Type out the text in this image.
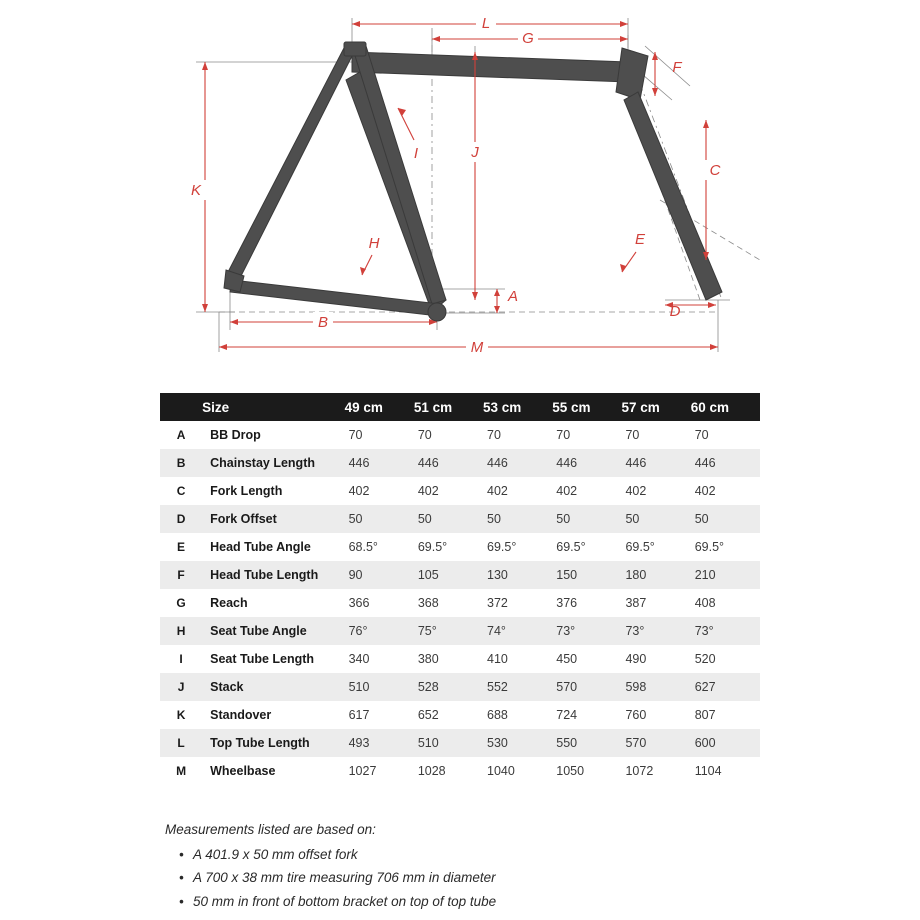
L
G
K
I	J
H	E
C
F
D
A
B
M
	Size	49 cm	51 cm	53 cm	55 cm	57 cm	60 cm
A	BB Drop	70	70	70	70	70	70
B	Chainstay Length	446	446	446	446	446	446
C	Fork Length	402	402	402	402	402	402
D	Fork Offset	50	50	50	50	50	50
E	Head Tube Angle	68.5°	69.5°	69.5°	69.5°	69.5°	69.5°
F	Head Tube Length	90	105	130	150	180	210
G	Reach	366	368	372	376	387	408
H	Seat Tube Angle	76°	75°	74°	73°	73°	73°
I	Seat Tube Length	340	380	410	450	490	520
J	Stack	510	528	552	570	598	627
K	Standover	617	652	688	724	760	807
L	Top Tube Length	493	510	530	550	570	600
M	Wheelbase	1027	1028	1040	1050	1072	1104
Measurements listed are based on:
• A 401.9 x 50 mm offset fork
• A 700 x 38 mm tire measuring 706 mm in diameter
• 50 mm in front of bottom bracket on top of top tube
